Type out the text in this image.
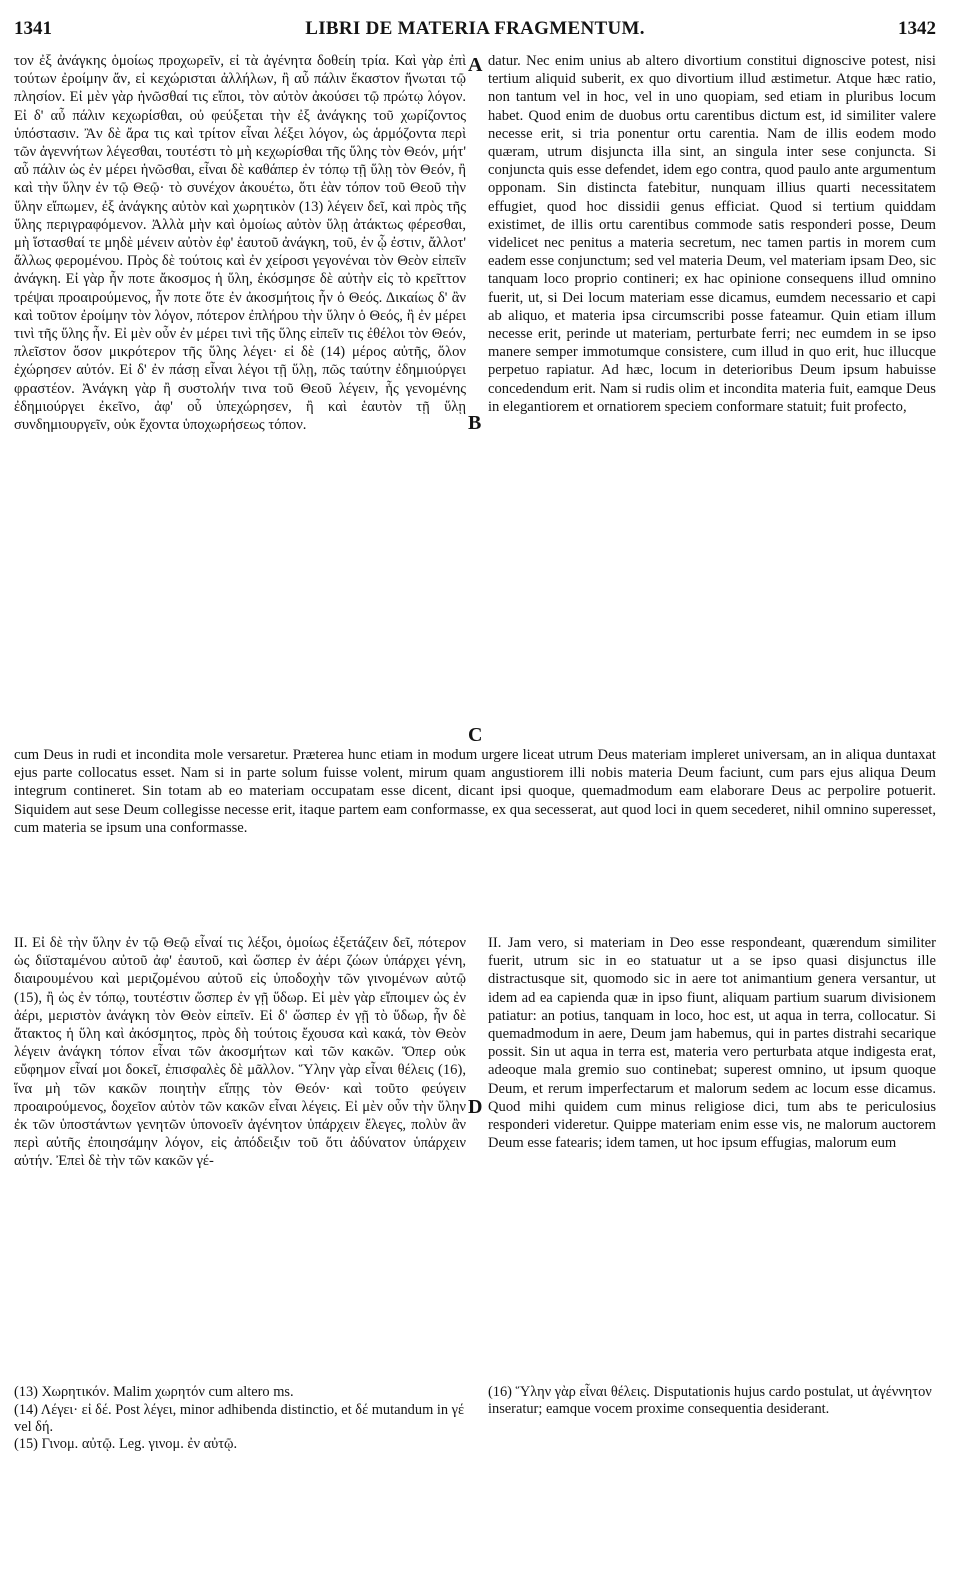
LIBRI DE MATERIA FRAGMENTUM.
1341	1342

τον ἐξ ἀνάγκης ὁμοίως προχωρεῖν, εἰ τὰ ἀγένητα δοθείη τρία. Καὶ γὰρ ἐπὶ τούτων ἐροίμην ἄν, εἰ κεχώρισται ἀλλήλων, ἢ αὖ πάλιν ἕκαστον ἥνωται τῷ πλησίον. Εἰ μὲν γὰρ ἡνῶσθαί τις εἴποι, τὸν αὐτὸν ἀκούσει τῷ πρώτῳ λόγον. Εἰ δ' αὖ πάλιν κεχωρίσθαι, οὐ φεύξεται τὴν ἐξ ἀνάγκης τοῦ χωρίζοντος ὑπόστασιν. Ἂν δὲ ἄρα τις καὶ τρίτον εἶναι λέξει λόγον, ὡς ἁρμόζοντα περὶ τῶν ἀγεννήτων λέγεσθαι, τουτέστι τὸ μὴ κεχωρίσθαι τῆς ὕλης τὸν Θεόν, μήτ' αὖ πάλιν ὡς ἐν μέρει ἡνῶσθαι, εἶναι δὲ καθάπερ ἐν τόπῳ τῇ ὕλῃ τὸν Θεόν, ἢ καὶ τὴν ὕλην ἐν τῷ Θεῷ· τὸ συνέχον ἀκουέτω, ὅτι ἐὰν τόπον τοῦ Θεοῦ τὴν ὕλην εἴπωμεν, ἐξ ἀνάγκης αὐτὸν καὶ χωρητικὸν (13) λέγειν δεῖ, καὶ πρὸς τῆς ὕλης περιγραφόμενον. Ἀλλὰ μὴν καὶ ὁμοίως αὐτὸν ὕλῃ ἀτάκτως φέρεσθαι, μὴ ἵστασθαί τε μηδὲ μένειν αὐτὸν ἐφ' ἑαυτοῦ ἀνάγκη, τοῦ, ἐν ᾧ ἐστιν, ἄλλοτ' ἄλλως φερομένου. Πρὸς δὲ τούτοις καὶ ἐν χείροσι γεγονέναι τὸν Θεὸν εἰπεῖν ἀνάγκη. Εἰ γὰρ ἦν ποτε ἄκοσμος ἡ ὕλη, ἐκόσμησε δὲ αὐτὴν εἰς τὸ κρεῖττον τρέψαι προαιρούμενος, ἦν ποτε ὅτε ἐν ἀκοσμήτοις ἦν ὁ Θεός. Δικαίως δ' ἂν καὶ τοῦτον ἐροίμην τὸν λόγον, πότερον ἐπλήρου τὴν ὕλην ὁ Θεός, ἢ ἐν μέρει τινὶ τῆς ὕλης ἦν. Εἰ μὲν οὖν ἐν μέρει τινὶ τῆς ὕλης εἰπεῖν τις ἐθέλοι τὸν Θεόν, πλεῖστον ὅσον μικρότερον τῆς ὕλης λέγει· εἰ δὲ (14) μέρος αὐτῆς, ὅλον ἐχώρησεν αὐτόν. Εἰ δ' ἐν πάσῃ εἶναι λέγοι τῇ ὕλῃ, πῶς ταύτην ἐδημιούργει φραστέον. Ἀνάγκη γὰρ ἢ συστολήν τινα τοῦ Θεοῦ λέγειν, ἧς γενομένης ἐδημιούργει ἐκεῖνο, ἀφ' οὗ ὑπεχώρησεν, ἢ καὶ ἑαυτὸν τῇ ὕλῃ συνδημιουργεῖν, οὐκ ἔχοντα ὑποχωρήσεως τόπον.

datur. Nec enim unius ab altero divortium constitui dignoscive potest, nisi tertium aliquid suberit, ex quo divortium illud æstimetur. Atque hæc ratio, non tantum vel in hoc, vel in uno quopiam, sed etiam in pluribus locum habet. Quod enim de duobus ortu carentibus dictum est, id similiter valere necesse erit, si tria ponentur ortu carentia. Nam de illis eodem modo quæram, utrum disjuncta illa sint, an singula inter sese conjuncta. Si conjuncta quis esse defendet, idem ego contra, quod paulo ante argumentum opponam. Sin distincta fatebitur, nunquam illius quarti necessitatem effugiet, quod hoc dissidii genus efficiat. Quod si tertium quiddam existimet, de illis ortu carentibus commode satis responderi posse, Deum videlicet nec penitus a materia secretum, nec tamen partis in morem cum eadem esse conjunctum; sed vel materia Deum, vel materiam ipsam Deo, sic tanquam loco proprio contineri; ex hac opinione consequens illud omnino fuerit, ut, si Dei locum materiam esse dicamus, eumdem necessario et capi ab aliquo, et materia ipsa circumscribi posse fateamur. Quin etiam illum necesse erit, perinde ut materiam, perturbate ferri; nec eumdem in se ipso manere semper immotumque consistere, cum illud in quo erit, huc illucque perpetuo rapiatur. Ad hæc, locum in deterioribus Deum ipsum habuisse concedendum erit. Nam si rudis olim et incondita materia fuit, eamque Deus in elegantiorem et ornatiorem speciem conformare statuit; fuit profecto,

A
B
C
D

cum Deus in rudi et incondita mole versaretur. Præterea hunc etiam in modum urgere liceat utrum Deus materiam impleret universam, an in aliqua duntaxat ejus parte collocatus esset. Nam si in parte solum fuisse volent, mirum quam angustiorem illi nobis materia Deum faciunt, cum pars ejus aliqua Deum integrum contineret. Sin totam ab eo materiam occupatam esse dicent, dicant ipsi quoque, quemadmodum eam elaborare Deus ac perpolire potuerit. Siquidem aut sese Deum collegisse necesse erit, itaque partem eam conformasse, ex qua secesserat, aut quod loci in quem secederet, nihil omnino superesset, cum materia se ipsum una conformasse.

II. Εἰ δὲ τὴν ὕλην ἐν τῷ Θεῷ εἶναί τις λέξοι, ὁμοίως ἐξετάζειν δεῖ, πότερον ὡς διϊσταμένου αὐτοῦ ἀφ' ἑαυτοῦ, καὶ ὥσπερ ἐν ἀέρι ζώων ὑπάρχει γένη, διαιρουμένου καὶ μεριζομένου αὐτοῦ εἰς ὑποδοχὴν τῶν γινομένων αὐτῷ (15), ἢ ὡς ἐν τόπῳ, τουτέστιν ὥσπερ ἐν γῇ ὕδωρ. Εἰ μὲν γὰρ εἴποιμεν ὡς ἐν ἀέρι, μεριστὸν ἀνάγκη τὸν Θεὸν εἰπεῖν. Εἰ δ' ὥσπερ ἐν γῇ τὸ ὕδωρ, ἦν δὲ ἄτακτος ἡ ὕλη καὶ ἀκόσμητος, πρὸς δὴ τούτοις ἔχουσα καὶ κακά, τὸν Θεὸν λέγειν ἀνάγκη τόπον εἶναι τῶν ἀκοσμήτων καὶ τῶν κακῶν. Ὅπερ οὐκ εὔφημον εἶναί μοι δοκεῖ, ἐπισφαλὲς δὲ μᾶλλον. Ὕλην γὰρ εἶναι θέλεις (16), ἵνα μὴ τῶν κακῶν ποιητὴν εἴπῃς τὸν Θεόν· καὶ τοῦτο φεύγειν προαιρούμενος, δοχεῖον αὐτὸν τῶν κακῶν εἶναι λέγεις. Εἰ μὲν οὖν τὴν ὕλην ἐκ τῶν ὑποστάντων γενητῶν ὑπονοεῖν ἀγένητον ὑπάρχειν ἔλεγες, πολὺν ἂν περὶ αὐτῆς ἐποιησάμην λόγον, εἰς ἀπόδειξιν τοῦ ὅτι ἀδύνατον ὑπάρχειν αὐτήν. Ἐπεὶ δὲ τὴν τῶν κακῶν γέ-

II. Jam vero, si materiam in Deo esse respondeant, quærendum similiter fuerit, utrum sic in eo statuatur ut a se ipso quasi disjunctus ille distractusque sit, quomodo sic in aere tot animantium genera versantur, ut idem ad ea capienda quæ in ipso fiunt, aliquam partium suarum divisionem patiatur: an potius, tanquam in loco, hoc est, ut aqua in terra, collocatur. Si quemadmodum in aere, Deum jam habemus, qui in partes distrahi secarique possit. Sin ut aqua in terra est, materia vero perturbata atque indigesta erat, adeoque mala gremio suo continebat; superest omnino, ut ipsum quoque Deum, et rerum imperfectarum et malorum sedem ac locum esse dicamus. Quod mihi quidem cum minus religiose dici, tum abs te periculosius responderi videretur. Quippe materiam enim esse vis, ne malorum auctorem Deum esse fatearis; idem tamen, ut hoc ipsum effugias, malorum eum

(13) Χωρητικόν. Malim χωρητόν cum altero ms.

(14) Λέγει· εἰ δέ. Post λέγει, minor adhibenda distinctio, et δέ mutandum in γέ vel δή.

(15) Γινομ. αὐτῷ. Leg. γινομ. ἐν αὐτῷ.

(16) Ὕλην γὰρ εἶναι θέλεις. Disputationis hujus cardo postulat, ut ἀγέννητον inseratur; eamque vocem proxime consequentia desiderant.
